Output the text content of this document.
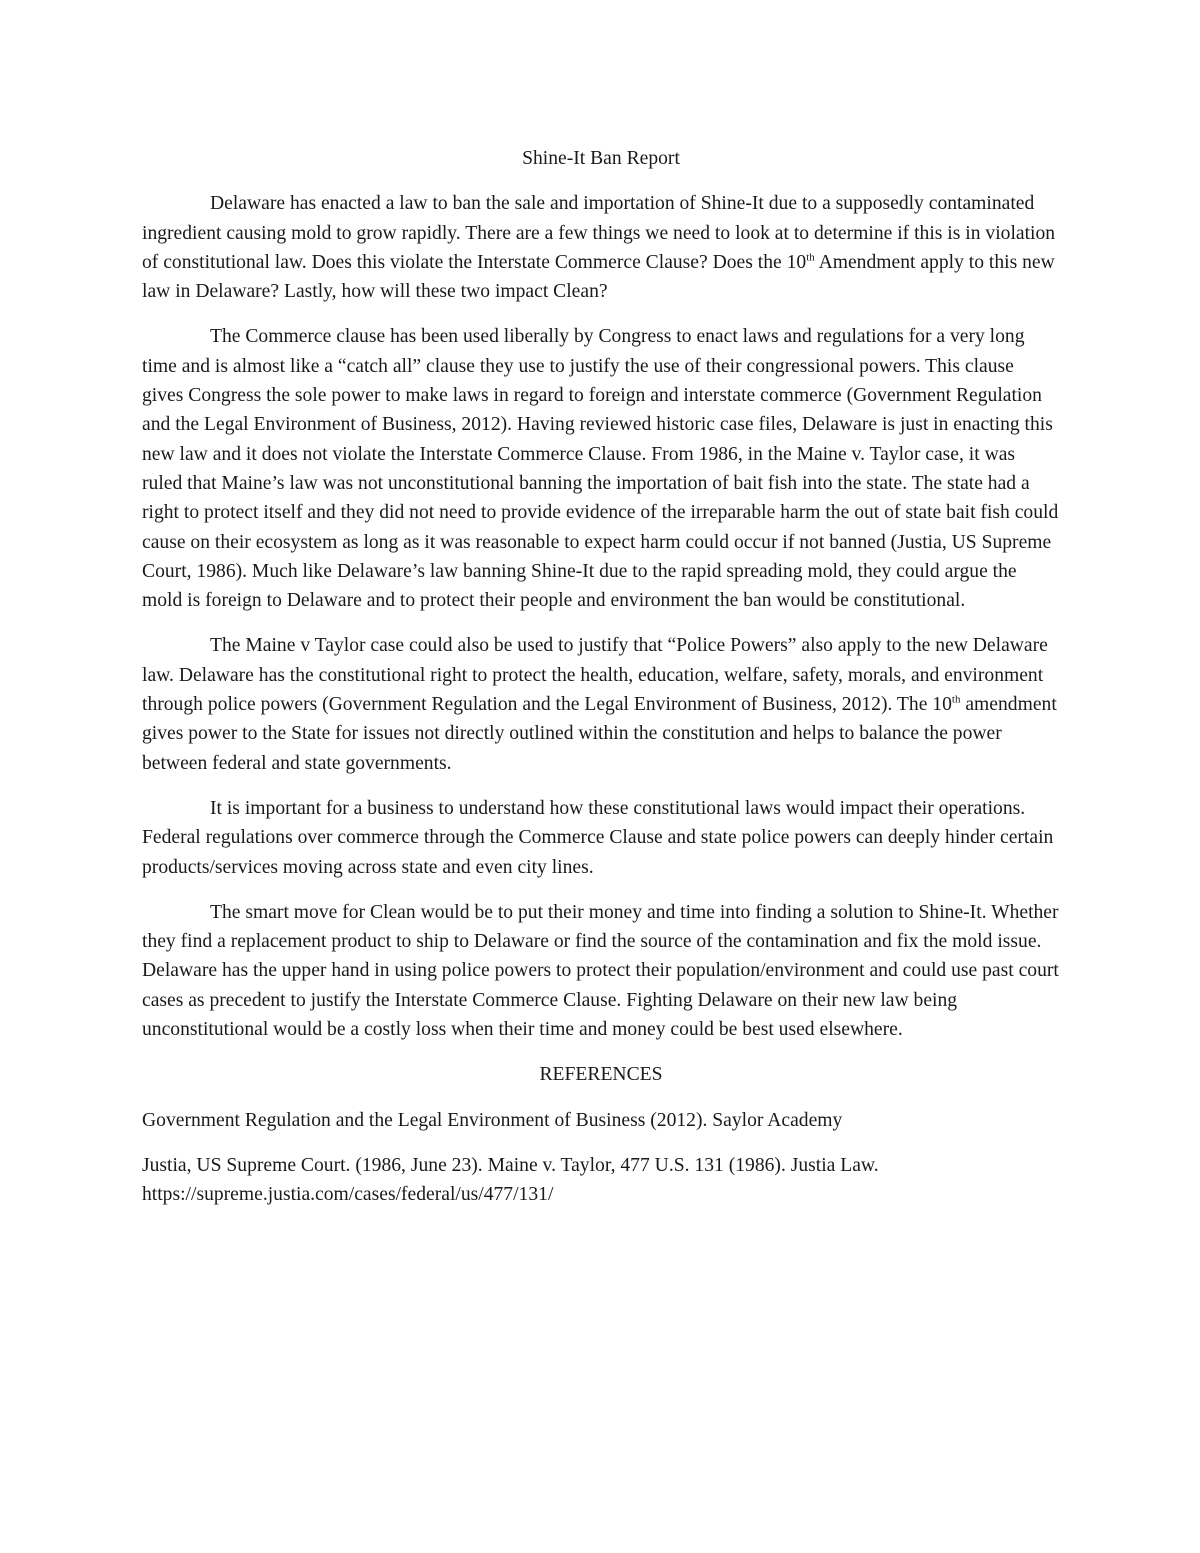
Shine-It Ban Report

Delaware has enacted a law to ban the sale and importation of Shine-It due to a supposedly contaminated ingredient causing mold to grow rapidly. There are a few things we need to look at to determine if this is in violation of constitutional law. Does this violate the Interstate Commerce Clause? Does the 10th Amendment apply to this new law in Delaware? Lastly, how will these two impact Clean?

The Commerce clause has been used liberally by Congress to enact laws and regulations for a very long time and is almost like a “catch all” clause they use to justify the use of their congressional powers. This clause gives Congress the sole power to make laws in regard to foreign and interstate commerce (Government Regulation and the Legal Environment of Business, 2012). Having reviewed historic case files, Delaware is just in enacting this new law and it does not violate the Interstate Commerce Clause. From 1986, in the Maine v. Taylor case, it was ruled that Maine’s law was not unconstitutional banning the importation of bait fish into the state. The state had a right to protect itself and they did not need to provide evidence of the irreparable harm the out of state bait fish could cause on their ecosystem as long as it was reasonable to expect harm could occur if not banned (Justia, US Supreme Court, 1986). Much like Delaware’s law banning Shine-It due to the rapid spreading mold, they could argue the mold is foreign to Delaware and to protect their people and environment the ban would be constitutional.

The Maine v Taylor case could also be used to justify that “Police Powers” also apply to the new Delaware law. Delaware has the constitutional right to protect the health, education, welfare, safety, morals, and environment through police powers (Government Regulation and the Legal Environment of Business, 2012). The 10th amendment gives power to the State for issues not directly outlined within the constitution and helps to balance the power between federal and state governments.

It is important for a business to understand how these constitutional laws would impact their operations. Federal regulations over commerce through the Commerce Clause and state police powers can deeply hinder certain products/services moving across state and even city lines.

The smart move for Clean would be to put their money and time into finding a solution to Shine-It. Whether they find a replacement product to ship to Delaware or find the source of the contamination and fix the mold issue. Delaware has the upper hand in using police powers to protect their population/environment and could use past court cases as precedent to justify the Interstate Commerce Clause. Fighting Delaware on their new law being unconstitutional would be a costly loss when their time and money could be best used elsewhere.

REFERENCES

Government Regulation and the Legal Environment of Business (2012). Saylor Academy

Justia, US Supreme Court. (1986, June 23). Maine v. Taylor, 477 U.S. 131 (1986). Justia Law. https://supreme.justia.com/cases/federal/us/477/131/
